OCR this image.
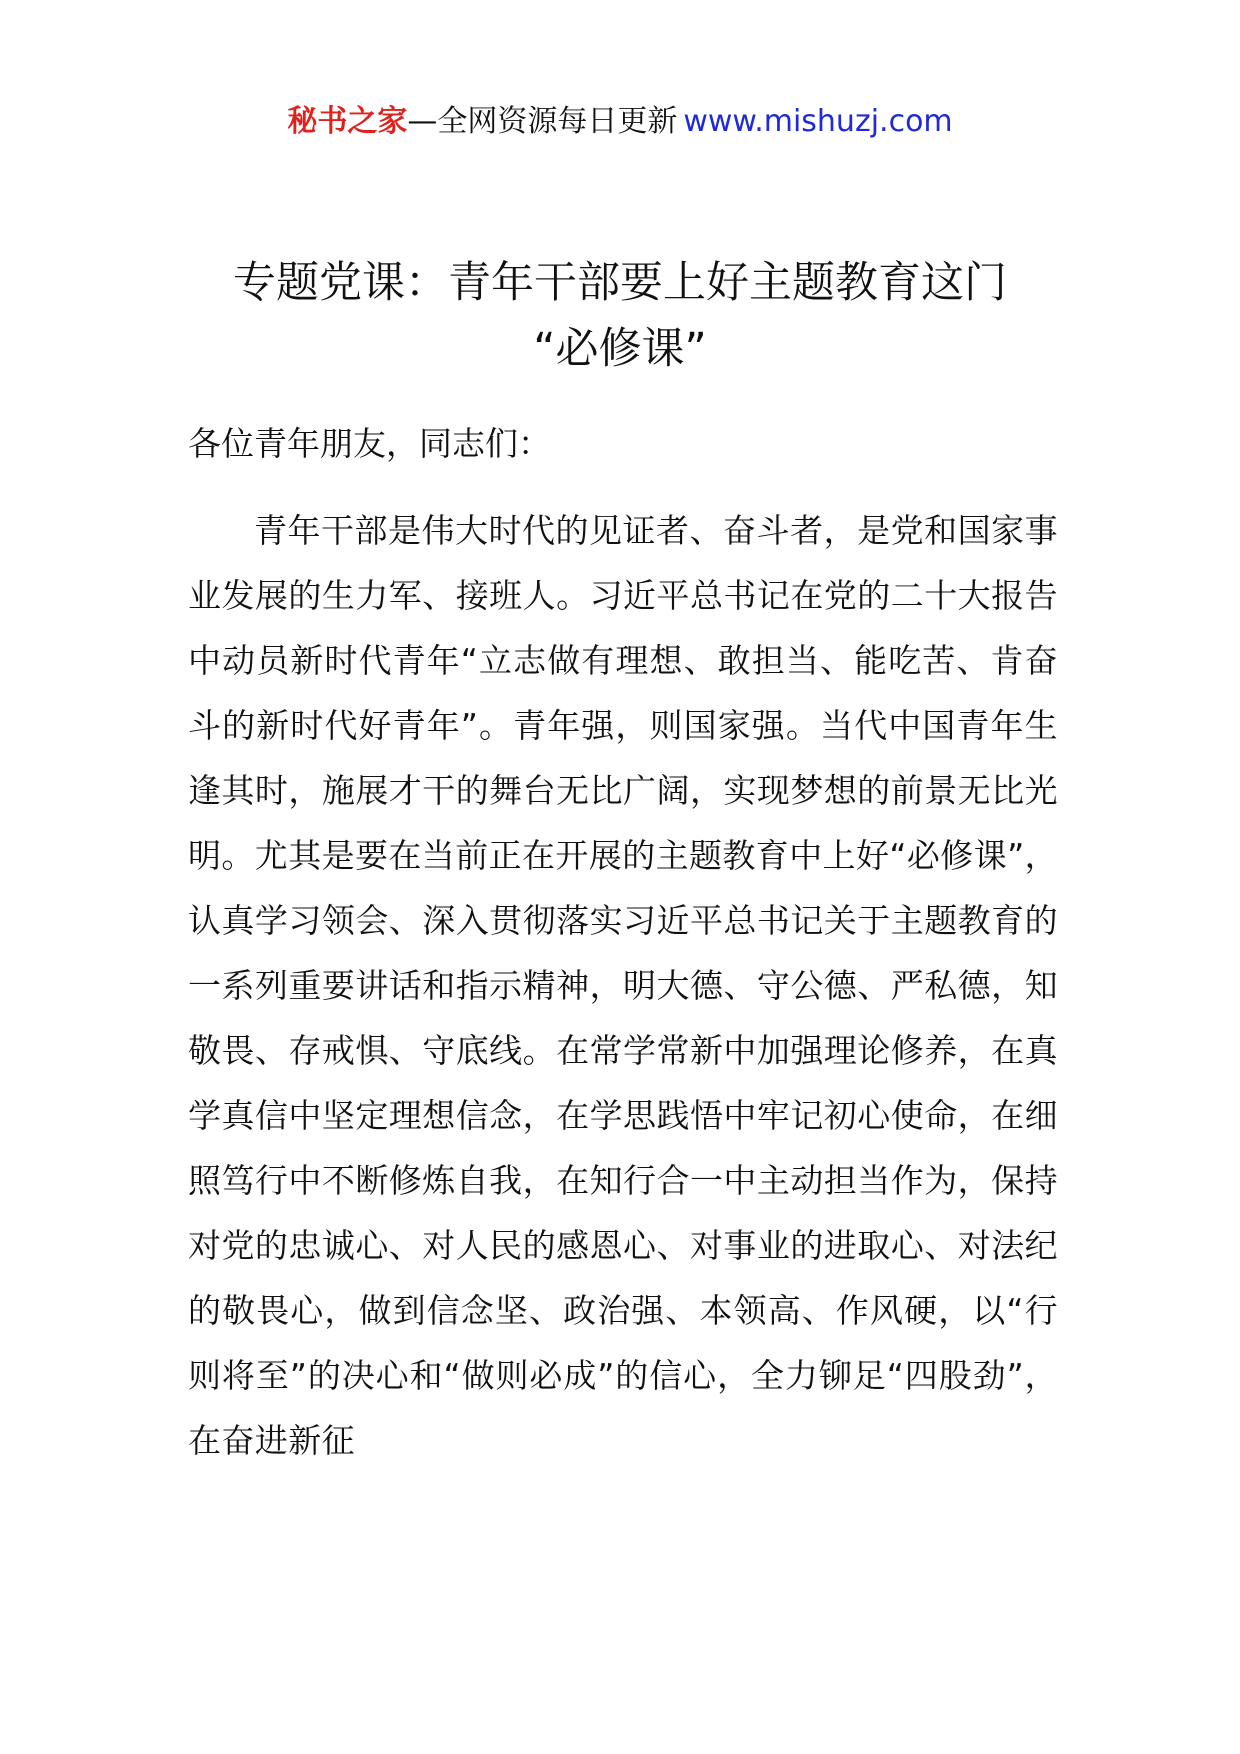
秘书之家—全网资源每日更新 www.mishuzj.com
专题党课：青年干部要上好主题教育这门
“必修课”

各位青年朋友，同志们：

青年干部是伟大时代的见证者、奋斗者，是党和国家事业发展的生力军、接班人。习近平总书记在党的二十大报告中动员新时代青年“立志做有理想、敢担当、能吃苦、肯奋斗的新时代好青年”。青年强，则国家强。当代中国青年生逢其时，施展才干的舞台无比广阔，实现梦想的前景无比光明。尤其是要在当前正在开展的主题教育中上好“必修课”，认真学习领会、深入贯彻落实习近平总书记关于主题教育的一系列重要讲话和指示精神，明大德、守公德、严私德，知敬畏、存戒惧、守底线。在常学常新中加强理论修养，在真学真信中坚定理想信念，在学思践悟中牢记初心使命，在细照笃行中不断修炼自我，在知行合一中主动担当作为，保持对党的忠诚心、对人民的感恩心、对事业的进取心、对法纪的敬畏心，做到信念坚、政治强、本领高、作风硬，以“行则将至”的决心和“做则必成”的信心，全力铆足“四股劲”，在奋进新征
